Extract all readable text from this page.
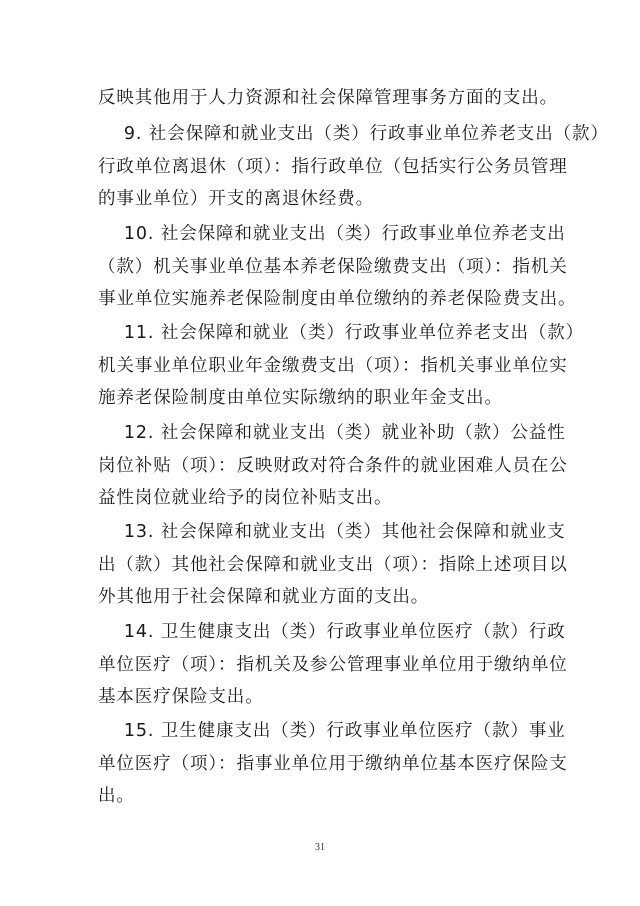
反映其他用于人力资源和社会保障管理事务方面的支出。
9. 社会保障和就业支出（类）行政事业单位养老支出（款）
行政单位离退休（项）：指行政单位（包括实行公务员管理
的事业单位）开支的离退休经费。
10. 社会保障和就业支出（类）行政事业单位养老支出
（款）机关事业单位基本养老保险缴费支出（项）：指机关
事业单位实施养老保险制度由单位缴纳的养老保险费支出。
11. 社会保障和就业（类）行政事业单位养老支出（款）
机关事业单位职业年金缴费支出（项）：指机关事业单位实
施养老保险制度由单位实际缴纳的职业年金支出。
12. 社会保障和就业支出（类）就业补助（款）公益性
岗位补贴（项）：反映财政对符合条件的就业困难人员在公
益性岗位就业给予的岗位补贴支出。
13. 社会保障和就业支出（类）其他社会保障和就业支
出（款）其他社会保障和就业支出（项）：指除上述项目以
外其他用于社会保障和就业方面的支出。
14. 卫生健康支出（类）行政事业单位医疗（款）行政
单位医疗（项）：指机关及参公管理事业单位用于缴纳单位
基本医疗保险支出。
15. 卫生健康支出（类）行政事业单位医疗（款）事业
单位医疗（项）：指事业单位用于缴纳单位基本医疗保险支
出。
31
